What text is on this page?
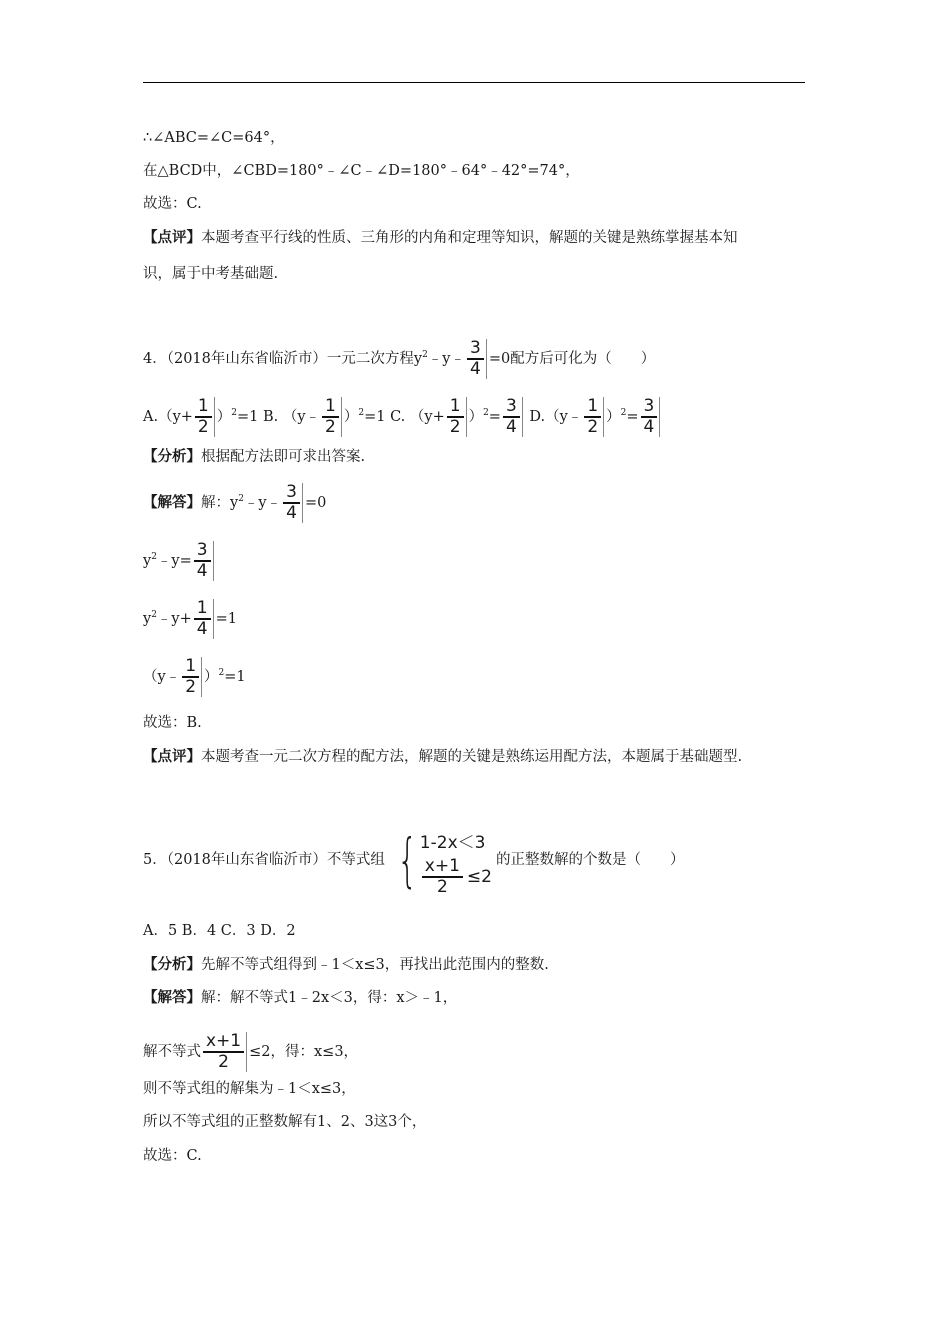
∴∠ABC=∠C=64°，
在△BCD中，∠CBD=180°﹣∠C﹣∠D=180°﹣64°﹣42°=74°，
故选：C.
【点评】本题考查平行线的性质、三角形的内角和定理等知识，解题的关键是熟练掌握基本知
识，属于中考基础题.
4．（2018年山东省临沂市）一元二次方程$y^2﹣y﹣ \frac{3}{4} =0$配方后可化为（　　）
$A.(y+ \frac{1}{2} )^2=1$ B. （y﹣ $\frac{1}{2} )^2=1$ C. $(y+ \frac{1}{2} )^2= \frac{3}{4}$ D.（y﹣ $\frac{1}{2} )^2= \frac{3}{4}$
【分析】根据配方法即可求出答案.
【解答】解：$y^2﹣y﹣ \frac{3}{4} =0$
$y^2﹣y= \frac{3}{4}$
$y^2﹣y+ \frac{1}{4} =1$
（y﹣ $\frac{1}{2} )^2=1$
故选：B.
【点评】本题考查一元二次方程的配方法，解题的关键是熟练运用配方法，本题属于基础题型.
5．（2018年山东省临沂市）不等式组 { 1-2x＜3
$\frac{x+1}{2} \le 2$
的正整数解的个数是（　　）
A．5 B．4 C．3 D．2
【分析】先解不等式组得到﹣1＜x≤3，再找出此范围内的整数.
【解答】解：解不等式1﹣2x＜3，得：x＞﹣1，
解不等式 $\frac{x+1}{2} \le 2$，得：x≤3，
则不等式组的解集为﹣1＜x≤3，
所以不等式组的正整数解有1、2、3这3个，
故选：C.
